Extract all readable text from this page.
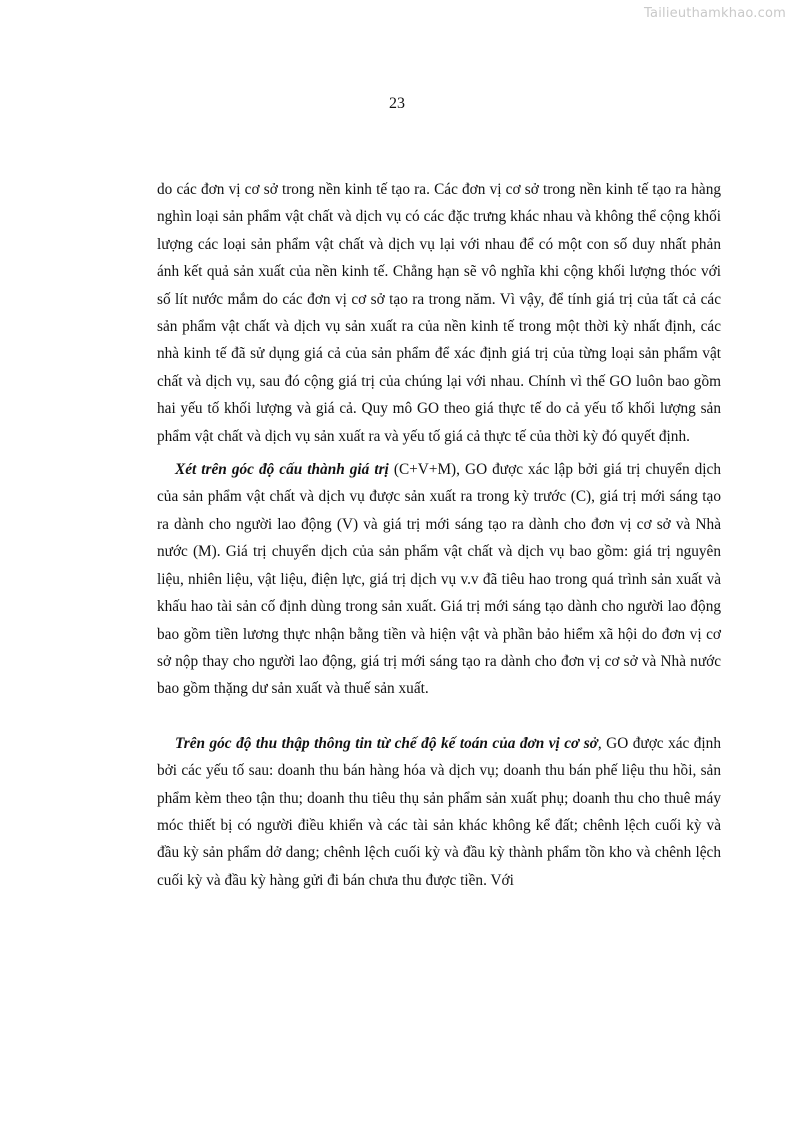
Tailieuthamkhao.com
23

do các đơn vị cơ sở trong nền kinh tế tạo ra. Các đơn vị cơ sở trong nền kinh tế tạo ra hàng nghìn loại sản phẩm vật chất và dịch vụ có các đặc trưng khác nhau và không thể cộng khối lượng các loại sản phẩm vật chất và dịch vụ lại với nhau để có một con số duy nhất phản ánh kết quả sản xuất của nền kinh tế. Chẳng hạn sẽ vô nghĩa khi cộng khối lượng thóc với số lít nước mắm do các đơn vị cơ sở tạo ra trong năm. Vì vậy, để tính giá trị của tất cả các sản phẩm vật chất và dịch vụ sản xuất ra của nền kinh tế trong một thời kỳ nhất định, các nhà kinh tế đã sử dụng giá cả của sản phẩm để xác định giá trị của từng loại sản phẩm vật chất và dịch vụ, sau đó cộng giá trị của chúng lại với nhau. Chính vì thế GO luôn bao gồm hai yếu tố khối lượng và giá cả. Quy mô GO theo giá thực tế do cả yếu tố khối lượng sản phẩm vật chất và dịch vụ sản xuất ra và yếu tố giá cả thực tế của thời kỳ đó quyết định.

Xét trên góc độ cấu thành giá trị (C+V+M), GO được xác lập bởi giá trị chuyển dịch của sản phẩm vật chất và dịch vụ được sản xuất ra trong kỳ trước (C), giá trị mới sáng tạo ra dành cho người lao động (V) và giá trị mới sáng tạo ra dành cho đơn vị cơ sở và Nhà nước (M). Giá trị chuyển dịch của sản phẩm vật chất và dịch vụ bao gồm: giá trị nguyên liệu, nhiên liệu, vật liệu, điện lực, giá trị dịch vụ v.v đã tiêu hao trong quá trình sản xuất và khấu hao tài sản cố định dùng trong sản xuất. Giá trị mới sáng tạo dành cho người lao động bao gồm tiền lương thực nhận bằng tiền và hiện vật và phần bảo hiểm xã hội do đơn vị cơ sở nộp thay cho người lao động, giá trị mới sáng tạo ra dành cho đơn vị cơ sở và Nhà nước bao gồm thặng dư sản xuất và thuế sản xuất.

Trên góc độ thu thập thông tin từ chế độ kế toán của đơn vị cơ sở, GO được xác định bởi các yếu tố sau: doanh thu bán hàng hóa và dịch vụ; doanh thu bán phế liệu thu hồi, sản phẩm kèm theo tận thu; doanh thu tiêu thụ sản phẩm sản xuất phụ; doanh thu cho thuê máy móc thiết bị có người điều khiển và các tài sản khác không kể đất; chênh lệch cuối kỳ và đầu kỳ sản phẩm dở dang; chênh lệch cuối kỳ và đầu kỳ thành phẩm tồn kho và chênh lệch cuối kỳ và đầu kỳ hàng gửi đi bán chưa thu được tiền. Với
